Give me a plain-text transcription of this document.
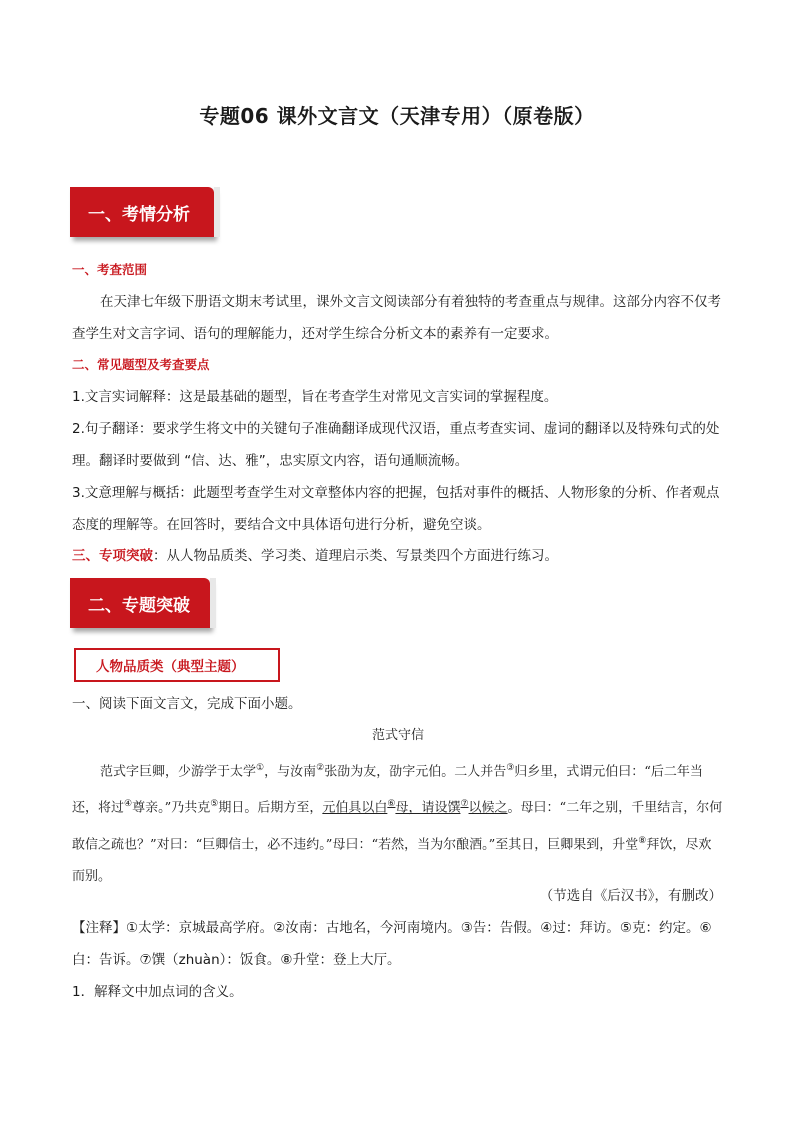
专题06 课外文言文（天津专用）（原卷版）
一、考情分析
一、考查范围
在天津七年级下册语文期末考试里，课外文言文阅读部分有着独特的考查重点与规律。这部分内容不仅考查学生对文言字词、语句的理解能力，还对学生综合分析文本的素养有一定要求。
二、常见题型及考查要点
1.文言实词解释：这是最基础的题型，旨在考查学生对常见文言实词的掌握程度。
2.句子翻译：要求学生将文中的关键句子准确翻译成现代汉语，重点考查实词、虚词的翻译以及特殊句式的处理。翻译时要做到 “信、达、雅”，忠实原文内容，语句通顺流畅。
3.文意理解与概括：此题型考查学生对文章整体内容的把握，包括对事件的概括、人物形象的分析、作者观点态度的理解等。在回答时，要结合文中具体语句进行分析，避免空谈。
三、专项突破：从人物品质类、学习类、道理启示类、写景类四个方面进行练习。
二、专题突破
人物品质类（典型主题）
一、阅读下面文言文，完成下面小题。
范式守信
范式字巨卿，少游学于太学①，与汝南②张劭为友，劭字元伯。二人并告③归乡里，式谓元伯曰：“后二年当还，将过④尊亲。”乃共克⑤期日。后期方至，元伯具以白⑥母，请设馔⑦以候之。母曰：“二年之别，千里结言，尔何敢信之疏也？”对曰：“巨卿信士，必不违约。”母曰：“若然，当为尔酿酒。”至其日，巨卿果到，升堂⑧拜饮，尽欢而别。
（节选自《后汉书》，有删改）
【注释】①太学：京城最高学府。②汝南：古地名，今河南境内。③告：告假。④过：拜访。⑤克：约定。⑥白：告诉。⑦馔（zhuàn）：饭食。⑧升堂：登上大厅。
1．解释文中加点词的含义。
